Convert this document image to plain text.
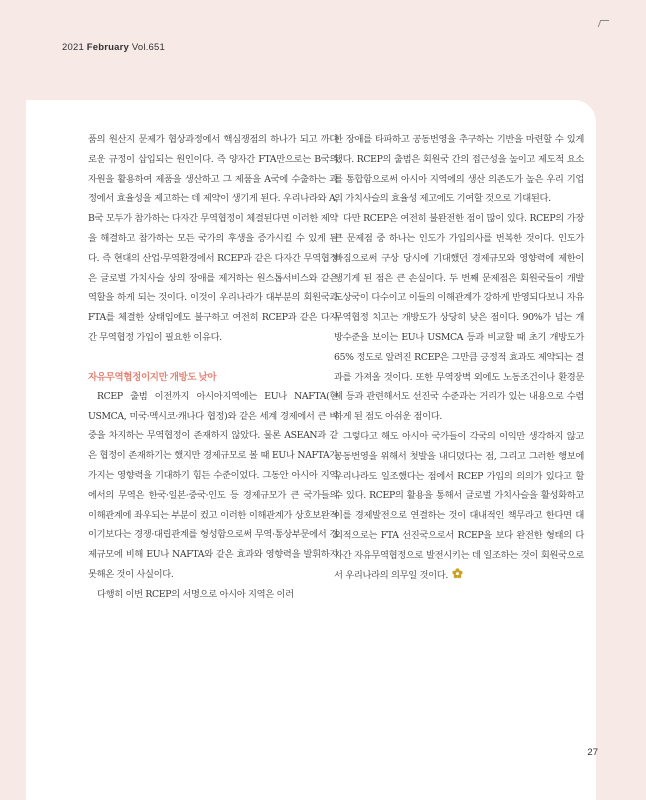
2021 February Vol.651

품의 원산지 문제가 협상과정에서 핵심쟁점의 하나가 되고 까다로운 규정이 삽입되는 원인이다. 즉 양자간 FTA만으로는 B국의 자원을 활용하여 제품을 생산하고 그 제품을 A국에 수출하는 과정에서 효율성을 제고하는 데 제약이 생기게 된다. 우리나라와 A, B국 모두가 참가하는 다자간 무역협정이 체결된다면 이러한 제약을 해결하고 참가하는 모든 국가의 후생을 증가시킬 수 있게 된다. 즉 현대의 산업·무역환경에서 RCEP과 같은 다자간 무역협정은 글로벌 가치사슬 상의 장애를 제거하는 원스톱서비스와 같은 역할을 하게 되는 것이다. 이것이 우리나라가 대부분의 회원국과 FTA를 체결한 상태임에도 불구하고 여전히 RCEP과 같은 다자간 무역협정 가입이 필요한 이유다.

자유무역협정이지만 개방도 낮아

RCEP 출범 이전까지 아시아지역에는 EU나 NAFTA(현 USMCA, 미국·멕시코·캐나다 협정)와 같은 세계 경제에서 큰 비중을 차지하는 무역협정이 존재하지 않았다. 물론 ASEAN과 같은 협정이 존재하기는 했지만 경제규모로 볼 때 EU나 NAFTA가 가지는 영향력을 기대하기 힘든 수준이었다. 그동안 아시아 지역에서의 무역은 한국·일본·중국·인도 등 경제규모가 큰 국가들의 이해관계에 좌우되는 부분이 컸고 이러한 이해관계가 상호보완적이기보다는 경쟁·대립관계를 형성함으로써 무역·통상부문에서 경제규모에 비해 EU나 NAFTA와 같은 효과와 영향력을 발휘하지 못해온 것이 사실이다.

다행히 이번 RCEP의 서명으로 아시아 지역은 이러

한 장애를 타파하고 공동번영을 추구하는 기반을 마련할 수 있게 됐다. RCEP의 출범은 회원국 간의 접근성을 높이고 제도적 요소를 통합함으로써 아시아 지역에의 생산 의존도가 높은 우리 기업의 가치사슬의 효율성 제고에도 기여할 것으로 기대된다.

다만 RCEP은 여전히 불완전한 점이 많이 있다. RCEP의 가장 큰 문제점 중 하나는 인도가 가입의사를 번복한 것이다. 인도가 빠짐으로써 구상 당시에 기대했던 경제규모와 영향력에 제한이 생기게 된 점은 큰 손실이다. 두 번째 문제점은 회원국들이 개발도상국이 다수이고 이들의 이해관계가 강하게 반영되다보니 자유무역협정 치고는 개방도가 상당히 낮은 점이다. 90%가 넘는 개방수준을 보이는 EU나 USMCA 등과 비교할 때 초기 개방도가 65% 정도로 알려진 RCEP은 그만큼 긍정적 효과도 제약되는 결과를 가져올 것이다. 또한 무역장벽 외에도 노동조건이나 환경문제 등과 관련해서도 선진국 수준과는 거리가 있는 내용으로 수렴하게 된 점도 아쉬운 점이다.

그렇다고 해도 아시아 국가들이 각국의 이익만 생각하지 않고 공동번영을 위해서 첫발을 내디뎠다는 점, 그리고 그러한 행보에 우리나라도 일조했다는 점에서 RCEP 가입의 의의가 있다고 할 수 있다. RCEP의 활용을 통해서 글로벌 가치사슬을 활성화하고 이를 경제발전으로 연결하는 것이 대내적인 책무라고 한다면 대외적으로는 FTA 선진국으로서 RCEP을 보다 완전한 형태의 다자간 자유무역협정으로 발전시키는 데 일조하는 것이 회원국으로서 우리나라의 의무일 것이다.

27
